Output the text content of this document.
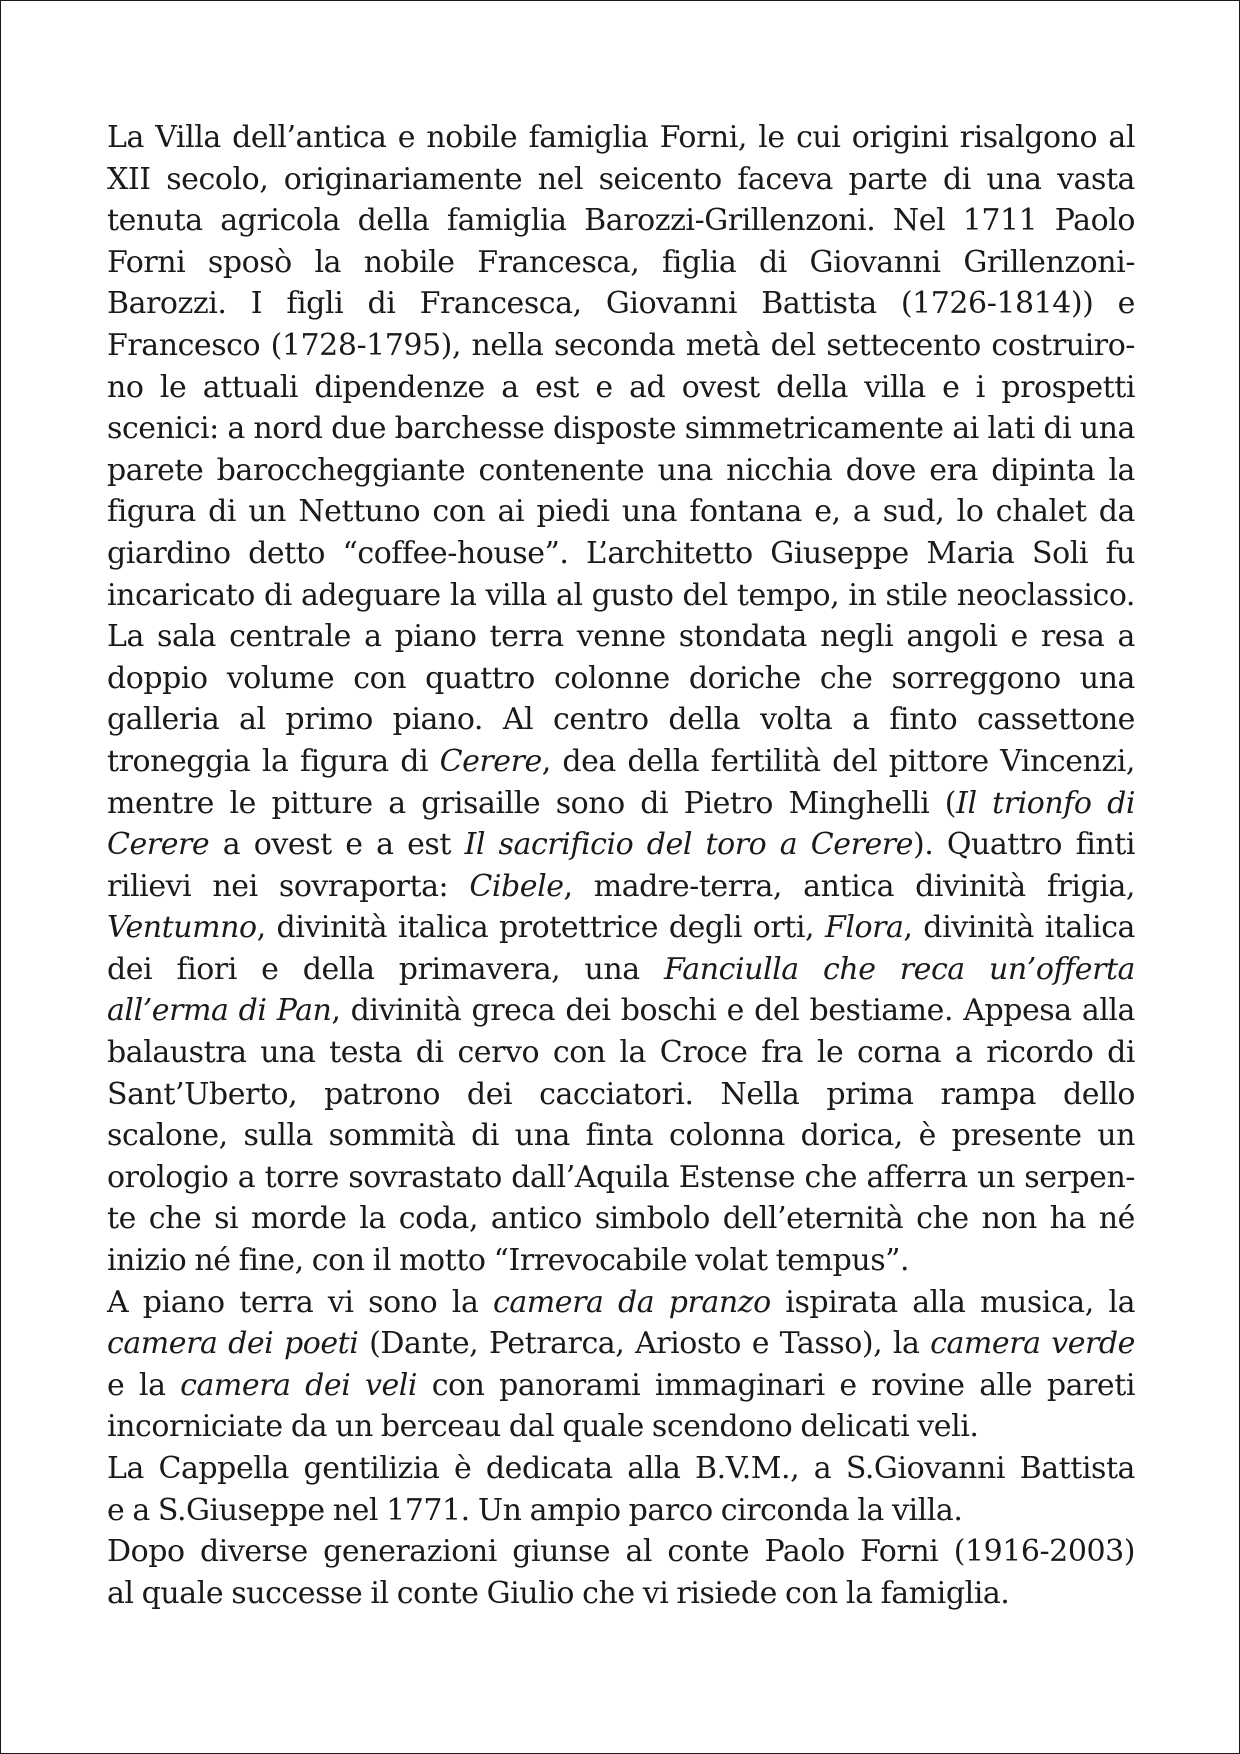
La Villa dell’antica e nobile famiglia Forni, le cui origini risalgono al
XII secolo, originariamente nel seicento faceva parte di una vasta
tenuta agricola della famiglia Barozzi-Grillenzoni. Nel 1711 Paolo
Forni sposò la nobile Francesca, figlia di Giovanni Grillenzoni-
Barozzi. I figli di Francesca, Giovanni Battista (1726-1814)) e
Francesco (1728-1795), nella seconda metà del settecento costruiro-
no le attuali dipendenze a est e ad ovest della villa e i prospetti
scenici: a nord due barchesse disposte simmetricamente ai lati di una
parete baroccheggiante contenente una nicchia dove era dipinta la
figura di un Nettuno con ai piedi una fontana e, a sud, lo chalet da
giardino detto “coffee-house”. L’architetto Giuseppe Maria Soli fu
incaricato di adeguare la villa al gusto del tempo, in stile neoclassico.
La sala centrale a piano terra venne stondata negli angoli e resa a
doppio volume con quattro colonne doriche che sorreggono una
galleria al primo piano. Al centro della volta a finto cassettone
troneggia la figura di Cerere, dea della fertilità del pittore Vincenzi,
mentre le pitture a grisaille sono di Pietro Minghelli (Il trionfo di
Cerere a ovest e a est Il sacrificio del toro a Cerere). Quattro finti
rilievi nei sovraporta: Cibele, madre-terra, antica divinità frigia,
Ventumno, divinità italica protettrice degli orti, Flora, divinità italica
dei fiori e della primavera, una Fanciulla che reca un’offerta
all’erma di Pan, divinità greca dei boschi e del bestiame. Appesa alla
balaustra una testa di cervo con la Croce fra le corna a ricordo di
Sant’Uberto, patrono dei cacciatori. Nella prima rampa dello
scalone, sulla sommità di una finta colonna dorica, è presente un
orologio a torre sovrastato dall’Aquila Estense che afferra un serpen-
te che si morde la coda, antico simbolo dell’eternità che non ha né
inizio né fine, con il motto “Irrevocabile volat tempus”.
A piano terra vi sono la camera da pranzo ispirata alla musica, la
camera dei poeti (Dante, Petrarca, Ariosto e Tasso), la camera verde
e la camera dei veli con panorami immaginari e rovine alle pareti
incorniciate da un berceau dal quale scendono delicati veli.
La Cappella gentilizia è dedicata alla B.V.M., a S.Giovanni Battista
e a S.Giuseppe nel 1771. Un ampio parco circonda la villa.
Dopo diverse generazioni giunse al conte Paolo Forni (1916-2003)
al quale successe il conte Giulio che vi risiede con la famiglia.
